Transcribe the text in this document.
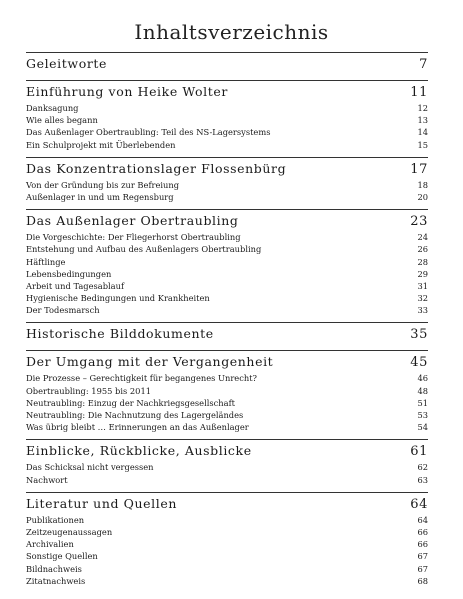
Inhaltsverzeichnis
Geleitworte	7
Einführung von Heike Wolter	11
Danksagung	12
Wie alles begann	13
Das Außenlager Obertraubling: Teil des NS-Lagersystems	14
Ein Schulprojekt mit Überlebenden	15
Das Konzentrationslager Flossenbürg	17
Von der Gründung bis zur Befreiung	18
Außenlager in und um Regensburg	20
Das Außenlager Obertraubling	23
Die Vorgeschichte: Der Fliegerhorst Obertraubling	24
Entstehung und Aufbau des Außenlagers Obertraubling	26
Häftlinge	28
Lebensbedingungen	29
Arbeit und Tagesablauf	31
Hygienische Bedingungen und Krankheiten	32
Der Todesmarsch	33
Historische Bilddokumente	35
Der Umgang mit der Vergangenheit	45
Die Prozesse – Gerechtigkeit für begangenes Unrecht?	46
Obertraubling: 1955 bis 2011	48
Neutraubling: Einzug der Nachkriegsgesellschaft	51
Neutraubling: Die Nachnutzung des Lagergeländes	53
Was übrig bleibt … Erinnerungen an das Außenlager	54
Einblicke, Rückblicke, Ausblicke	61
Das Schicksal nicht vergessen	62
Nachwort	63
Literatur und Quellen	64
Publikationen	64
Zeitzeugenaussagen	66
Archivalien	66
Sonstige Quellen	67
Bildnachweis	67
Zitatnachweis	68
